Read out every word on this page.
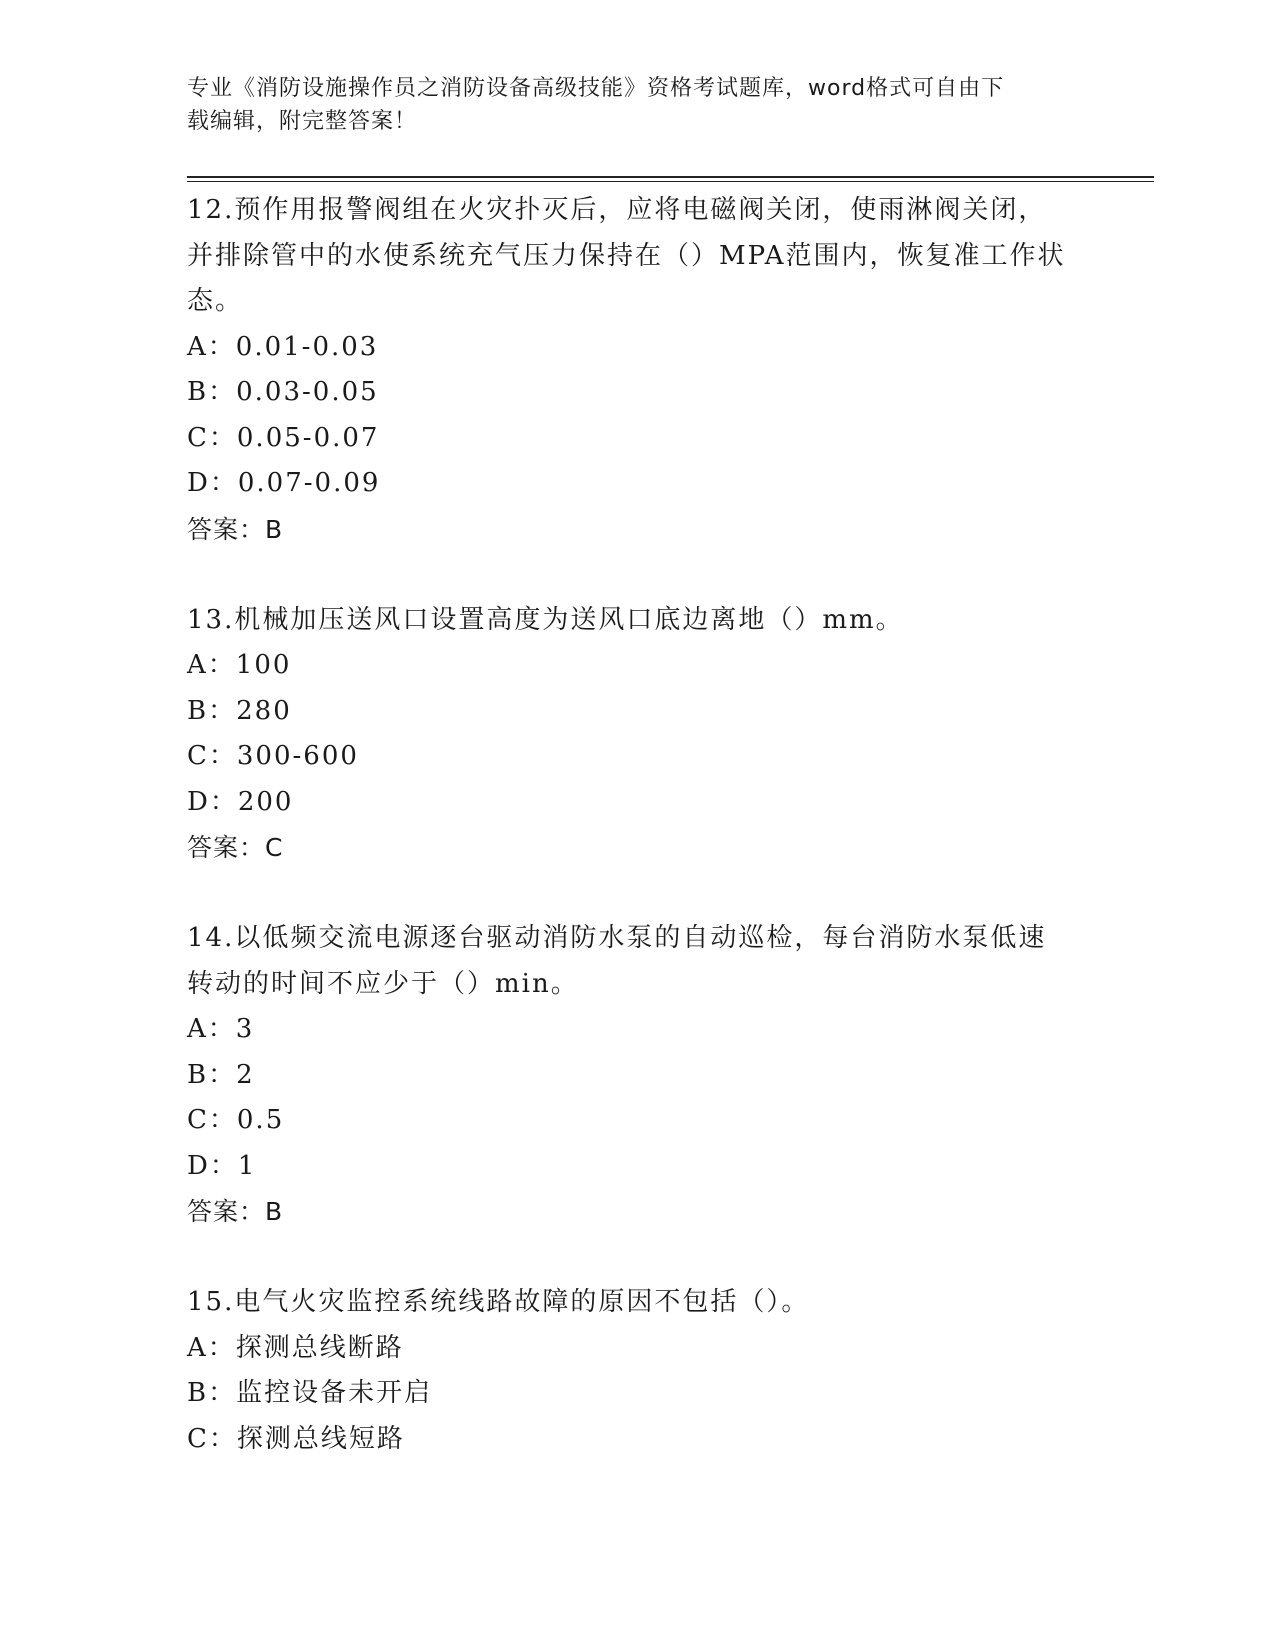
专业《消防设施操作员之消防设备高级技能》资格考试题库，word格式可自由下
载编辑，附完整答案！
12.预作用报警阀组在火灾扑灭后，应将电磁阀关闭，使雨淋阀关闭，
并排除管中的水使系统充气压力保持在（）MPA范围内，恢复准工作状
态。
A：0.01-0.03
B：0.03-0.05
C：0.05-0.07
D：0.07-0.09
答案：B
13.机械加压送风口设置高度为送风口底边离地（）mm。
A：100
B：280
C：300-600
D：200
答案：C
14.以低频交流电源逐台驱动消防水泵的自动巡检，每台消防水泵低速
转动的时间不应少于（）min。
A：3
B：2
C：0.5
D：1
答案：B
15.电气火灾监控系统线路故障的原因不包括（）。
A：探测总线断路
B：监控设备未开启
C：探测总线短路
